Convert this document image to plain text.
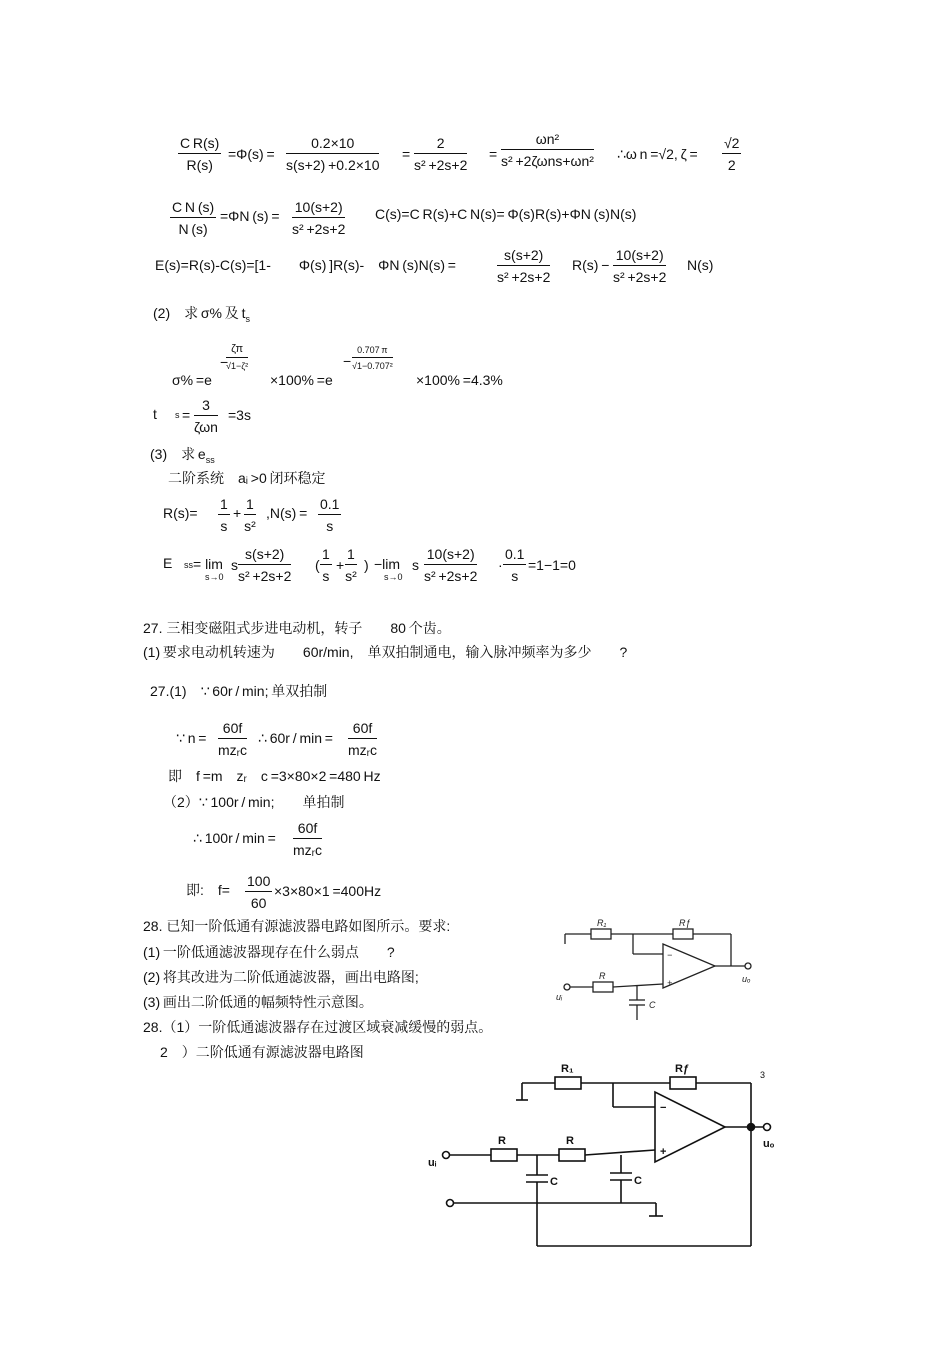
$\frac{\text{C R(s)}}{R(s)} =\Phi(s) = \frac{0.2\times 10}{s(s+2) +0.2\times 10} = \frac{2}{\text{s² +2s+2}}$ =
ωn²
s² +2ζωns+ωn² ∴ω n =√2, $\zeta = \frac{√2}{2}$
$\frac{\text{C N (s)}}{N (s)} =\Phi N$ $(s) = \frac{10(s+2)}{\text{s² +2s+2}} C(s)=C$ R(s)+C N(s)= Φ(s)R(s)+ΦN (s)N(s)
E(s)=R(s)-C(s)=[1-  Φ(s) ]R(s)- ΦN (s)N(s) =	$\frac{s(s+2)}{\text{s² +2s+2}} R(s) - \frac{10(s+2)}{\text{s² +2s+2}} N(s)$
(2) 求 σ% 及 $t_s$
σ% =e
−
ζπ
√1−ζ²
×100% =e
− $\frac{0.707 \pi}{\text{√1−0.707²}}$
×100% =4.3%
t s =
3
ζωn
=3s
(3) 求 $e_{ss}$
二阶系统 aᵢ >0 闭环稳定
$R(s)= \frac{1}{s} + \frac{1}{\text{s²}} ,N(s) = \frac{0.1}{s}$
E ss = lim
s→0
s $\frac{s(s+2)}{\text{s² +2s+2}}$ ( $\frac{1}{s} + \frac{1}{\text{s²}}$ ) −lim
s→0
s $\frac{10(s+2)}{\text{s² +2s+2}} \cdot \frac{0.1}{s} =1-1=0$
27. 三相变磁阻式步进电动机，转子  80 个齿。
(1) 要求电动机转速为  60r/min, 单双拍制通电，输入脉冲频率为多少  ?
27.(1) ∵ 60r / min; 单双拍制
∵ n =
60f
mzᵣc
∴ 60r / min =
60f
mzᵣc
即 f =m zᵣ c =3×80×2 =480 Hz
（2）∵ 100r / min;  单拍制
∴ 100r / min =
60f
mzᵣc
即: $f= \frac{100}{60} \times 3\times 80\times 1 =400Hz$
28. 已知一阶低通有源滤波器电路如图所示。要求:
(1) 一阶低通滤波器现存在什么弱点  ?
(2) 将其改进为二阶低通滤波器，画出电路图;
(3) 画出二阶低通的幅频特性示意图。
28.（1）一阶低通滤波器存在过渡区域衰减缓慢的弱点。
2 ）二阶低通有源滤波器电路图
R₁	Rƒ
R
C
−
+
uᵢ
uₒ
R₁	Rƒ
R	R
C	C
−
+
uᵢ
uₒ
3
